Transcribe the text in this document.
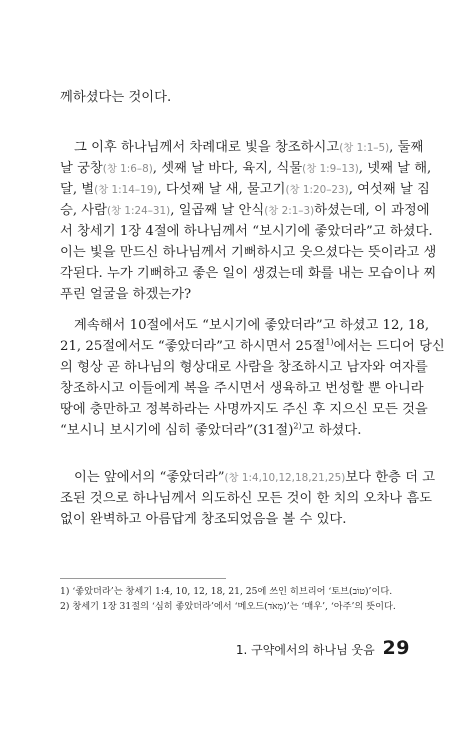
께하셨다는 것이다.
그 이후 하나님께서 차례대로 빛을 창조하시고(창 1:1–5), 둘째
날 궁창(창 1:6–8), 셋째 날 바다, 육지, 식물(창 1:9–13), 넷째 날 해,
달, 별(창 1:14–19), 다섯째 날 새, 물고기(창 1:20–23), 여섯째 날 짐
승, 사람(창 1:24–31), 일곱째 날 안식(창 2:1–3)하셨는데, 이 과정에
서 창세기 1장 4절에 하나님께서 “보시기에 좋았더라”고 하셨다.
이는 빛을 만드신 하나님께서 기뻐하시고 웃으셨다는 뜻이라고 생
각된다. 누가 기뻐하고 좋은 일이 생겼는데 화를 내는 모습이나 찌
푸린 얼굴을 하겠는가?
계속해서 10절에서도 “보시기에 좋았더라”고 하셨고 12, 18,
21, 25절에서도 “좋았더라”고 하시면서 25절$^{1)}$에서는 드디어 당신
의 형상 곧 하나님의 형상대로 사람을 창조하시고 남자와 여자를
창조하시고 이들에게 복을 주시면서 생육하고 번성할 뿐 아니라
땅에 충만하고 정복하라는 사명까지도 주신 후 지으신 모든 것을
“보시니 보시기에 심히 좋았더라”(31절)$^{2)}$고 하셨다.
이는 앞에서의 “좋았더라”(창 1:4,10,12,18,21,25)보다 한층 더 고
조된 것으로 하나님께서 의도하신 모든 것이 한 치의 오차나 흠도
없이 완벽하고 아름답게 창조되었음을 볼 수 있다.
1) ‘좋았더라’는 창세기 1:4, 10, 12, 18, 21, 25에 쓰인 히브리어 ‘토브(טוֹב)’이다.
2) 창세기 1장 31절의 ‘심히 좋았더라’에서 ‘메오드(מְאֹד)’는 ‘매우’, ‘아주’의 뜻이다.
1. 구약에서의 하나님 웃음 29
